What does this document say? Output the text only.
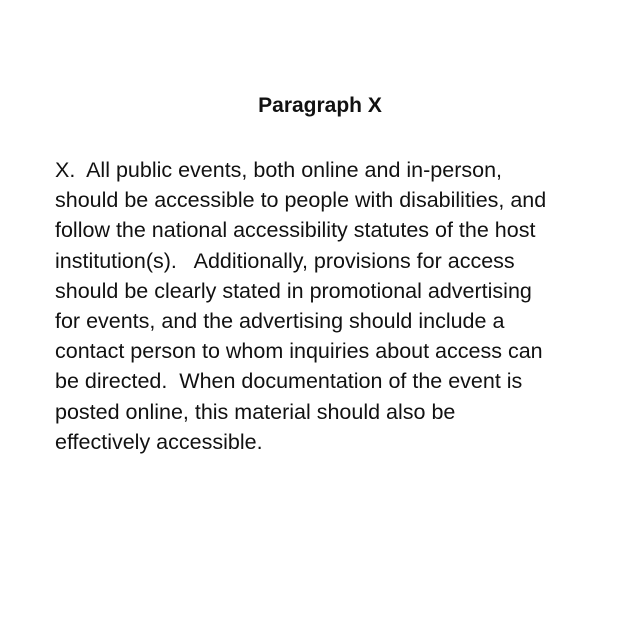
Paragraph X

X.  All public events, both online and in-person,
should be accessible to people with disabilities, and
follow the national accessibility statutes of the host
institution(s).   Additionally, provisions for access
should be clearly stated in promotional advertising
for events, and the advertising should include a
contact person to whom inquiries about access can
be directed.  When documentation of the event is
posted online, this material should also be
effectively accessible.
